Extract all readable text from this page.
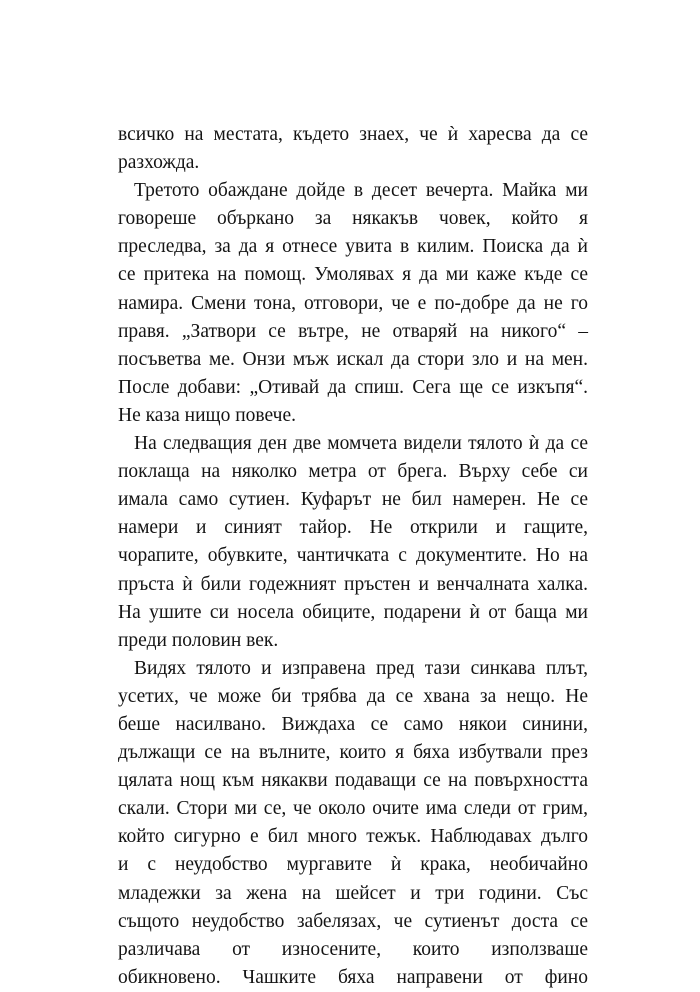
всичко на местата, където знаех, че ѝ харесва да се
разхожда.
Третото обаждане дойде в десет вечерта. Майка ми
говореше объркано за някакъв човек, който я
преследва, за да я отнесе увита в килим. Поиска да ѝ
се притека на помощ. Умолявах я да ми каже къде се
намира. Смени тона, отговори, че е по-добре да не го
правя. „Затвори се вътре, не отваряй на никого“ –
посъветва ме. Онзи мъж искал да стори зло и на мен.
После добави: „Отивай да спиш. Сега ще се изкъпя“.
Не каза нищо повече.
На следващия ден две момчета видели тялото ѝ да се
поклаща на няколко метра от брега. Върху себе си
имала само сутиен. Куфарът не бил намерен. Не се
намери и синият тайор. Не открили и гащите,
чорапите, обувките, чантичката с документите. Но на
пръста ѝ били годежният пръстен и венчалната халка.
На ушите си носела обиците, подарени ѝ от баща ми
преди половин век.
Видях тялото и изправена пред тази синкава плът,
усетих, че може би трябва да се хвана за нещо. Не
беше насилвано. Виждаха се само някои синини,
дължащи се на вълните, които я бяха избутвали през
цялата нощ към някакви подаващи се на повърхността
скали. Стори ми се, че около очите има следи от грим,
който сигурно е бил много тежък. Наблюдавах дълго
и с неудобство мургавите ѝ крака, необичайно
младежки за жена на шейсет и три години. Със
същото неудобство забелязах, че сутиенът доста се
различава от износените, които използваше
обикновено. Чашките бяха направени от фино
